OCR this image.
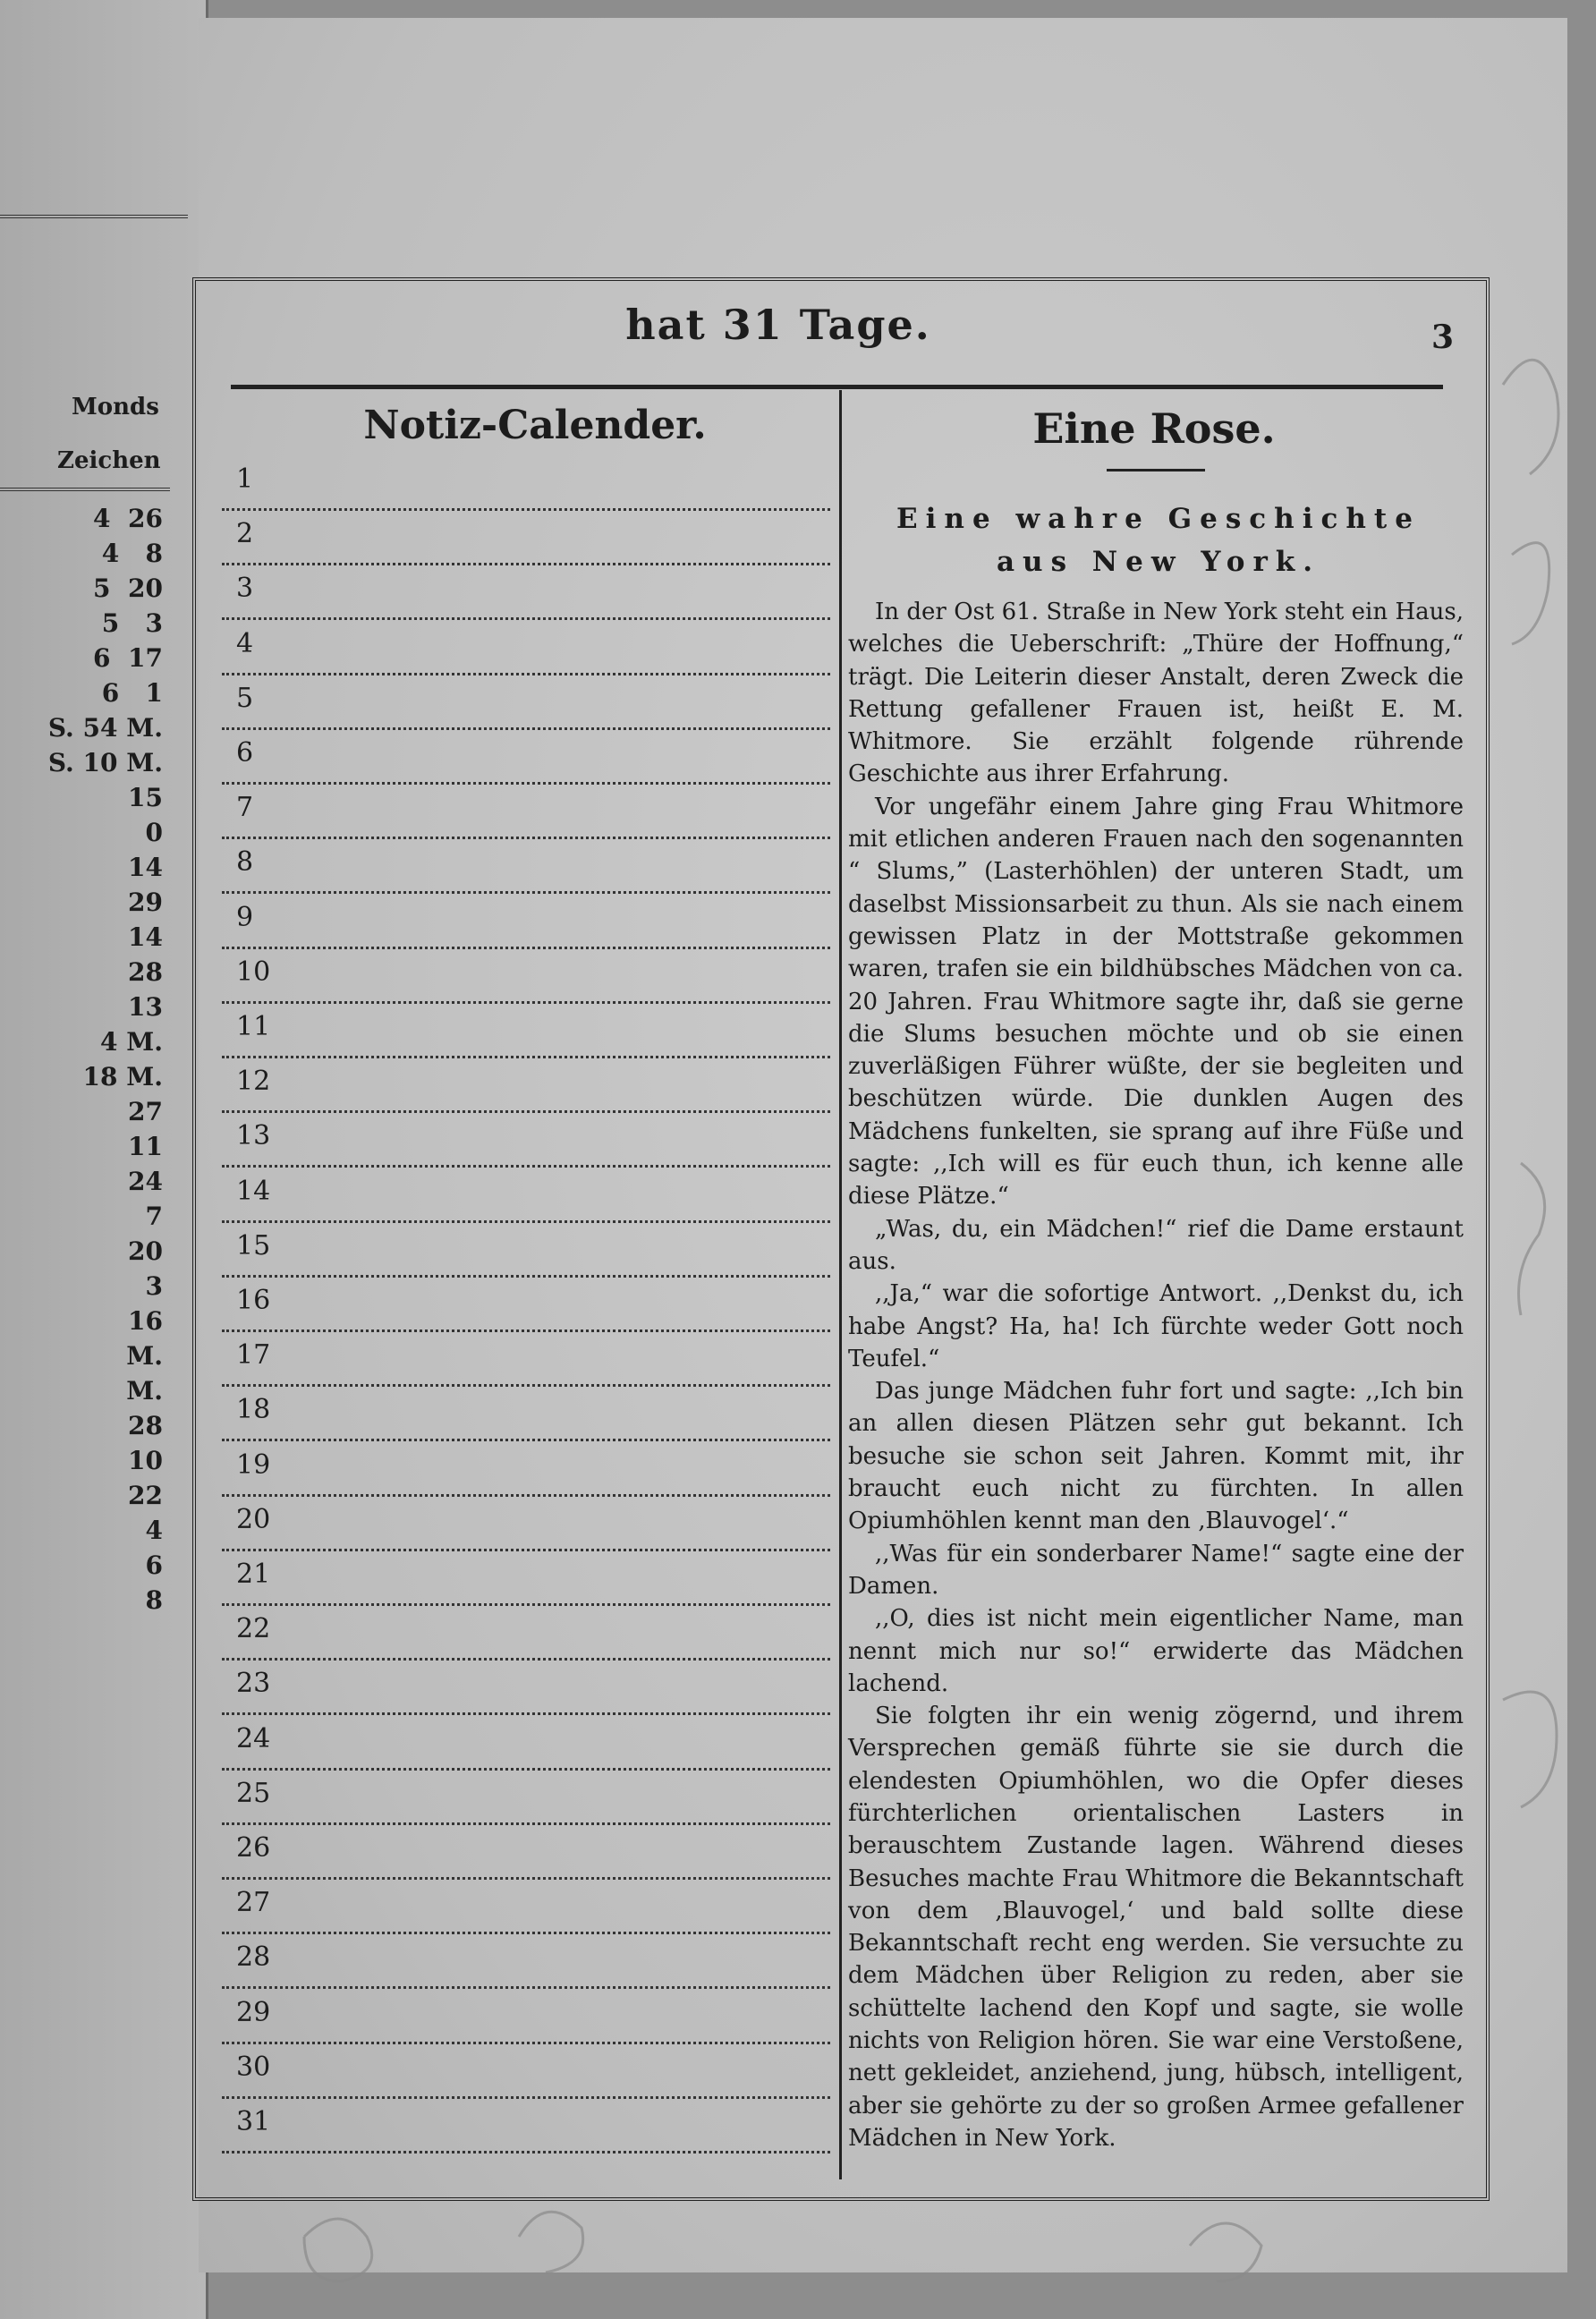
Monds
Zeichen
4  26
4   8
5  20
5   3
6  17
6   1
S. 54 M.
S. 10 M.
15
0
14
29
14
28
13
4 M.
18 M.
27
11
24
7
20
3
16
M.
M.
28
10
22
4
6
8
hat 31 Tage.	3
Notiz-Calender.
1
2
3
4
5
6
7
8
9
10
11
12
13
14
15
16
17
18
19
20
21
22
23
24
25
26
27
28
29
30
31
Eine Rose.
Eine wahre Geschichte aus New York.

In der Ost 61. Straße in New York steht ein Haus, welches die Ueberschrift: „Thüre der Hoffnung,“ trägt. Die Leiterin dieser Anstalt, deren Zweck die Rettung gefallener Frauen ist, heißt E. M. Whitmore. Sie erzählt folgende rührende Geschichte aus ihrer Erfahrung.

Vor ungefähr einem Jahre ging Frau Whitmore mit etlichen anderen Frauen nach den sogenannten “ Slums,” (Lasterhöhlen) der unteren Stadt, um daselbst Missionsarbeit zu thun. Als sie nach einem gewissen Platz in der Mottstraße gekommen waren, trafen sie ein bildhübsches Mädchen von ca. 20 Jahren. Frau Whitmore sagte ihr, daß sie gerne die Slums besuchen möchte und ob sie einen zuverläßigen Führer wüßte, der sie begleiten und beschützen würde. Die dunklen Augen des Mädchens funkelten, sie sprang auf ihre Füße und sagte: ,,Ich will es für euch thun, ich kenne alle diese Plätze.“

„Was, du, ein Mädchen!“ rief die Dame erstaunt aus.

,,Ja,“ war die sofortige Antwort. ,,Denkst du, ich habe Angst? Ha, ha! Ich fürchte weder Gott noch Teufel.“

Das junge Mädchen fuhr fort und sagte: ,,Ich bin an allen diesen Plätzen sehr gut bekannt. Ich besuche sie schon seit Jahren. Kommt mit, ihr braucht euch nicht zu fürchten. In allen Opiumhöhlen kennt man den ‚Blauvogel‘.“

,,Was für ein sonderbarer Name!“ sagte eine der Damen.

,,O, dies ist nicht mein eigentlicher Name, man nennt mich nur so!“ erwiderte das Mädchen lachend.

Sie folgten ihr ein wenig zögernd, und ihrem Versprechen gemäß führte sie sie durch die elendesten Opiumhöhlen, wo die Opfer dieses fürchterlichen orientalischen Lasters in berauschtem Zustande lagen. Während dieses Besuches machte Frau Whitmore die Bekanntschaft von dem ‚Blauvogel,‘ und bald sollte diese Bekanntschaft recht eng werden. Sie versuchte zu dem Mädchen über Religion zu reden, aber sie schüttelte lachend den Kopf und sagte, sie wolle nichts von Religion hören. Sie war eine Verstoßene, nett gekleidet, anziehend, jung, hübsch, intelligent, aber sie gehörte zu der so großen Armee gefallener Mädchen in New York.
